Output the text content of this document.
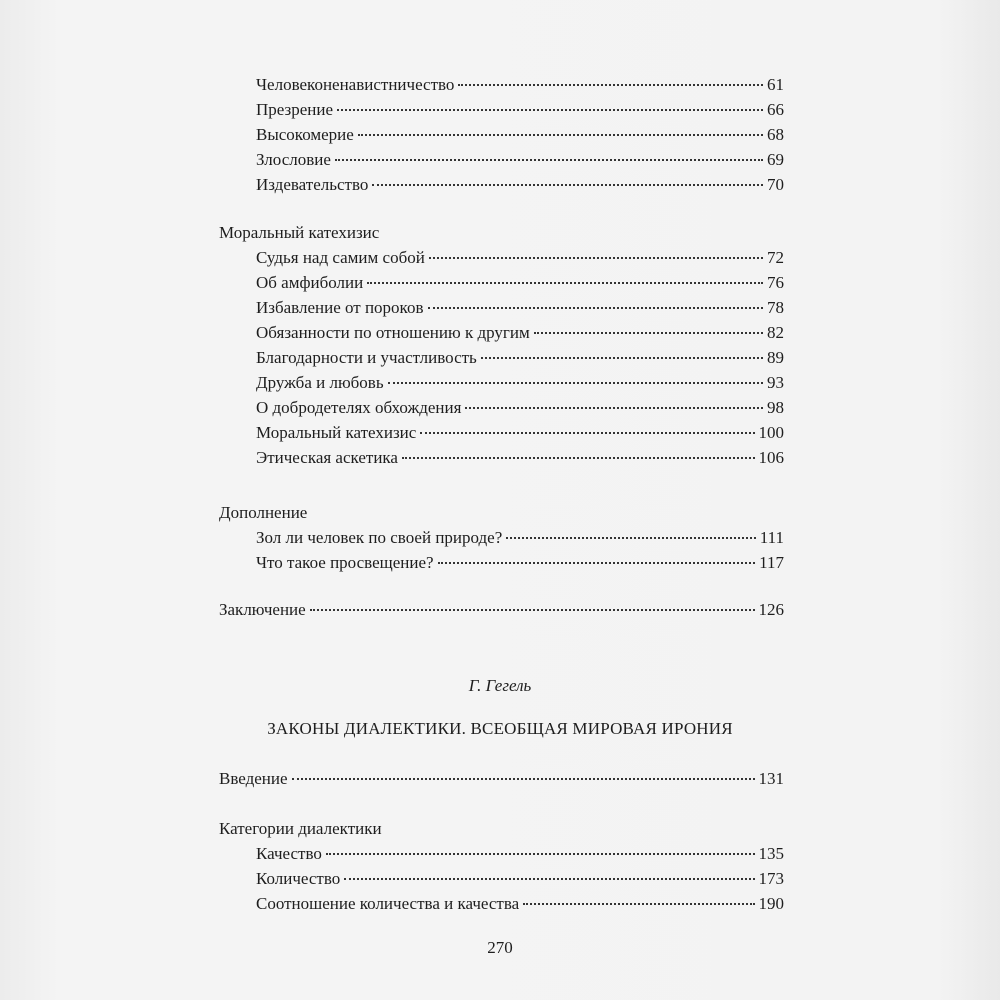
Человеконенавистничество	61
Презрение	66
Высокомерие	68
Злословие	69
Издевательство	70
Моральный катехизис
Судья над самим собой	72
Об амфиболии	76
Избавление от пороков	78
Обязанности по отношению к другим	82
Благодарности и участливость	89
Дружба и любовь	93
О добродетелях обхождения	98
Моральный катехизис	100
Этическая аскетика	106
Дополнение
Зол ли человек по своей природе?	111
Что такое просвещение?	117
Заключение	126
Г. Гегель
ЗАКОНЫ ДИАЛЕКТИКИ. ВСЕОБЩАЯ МИРОВАЯ ИРОНИЯ
Введение	131
Категории диалектики
Качество	135
Количество	173
Соотношение количества и качества	190
270
